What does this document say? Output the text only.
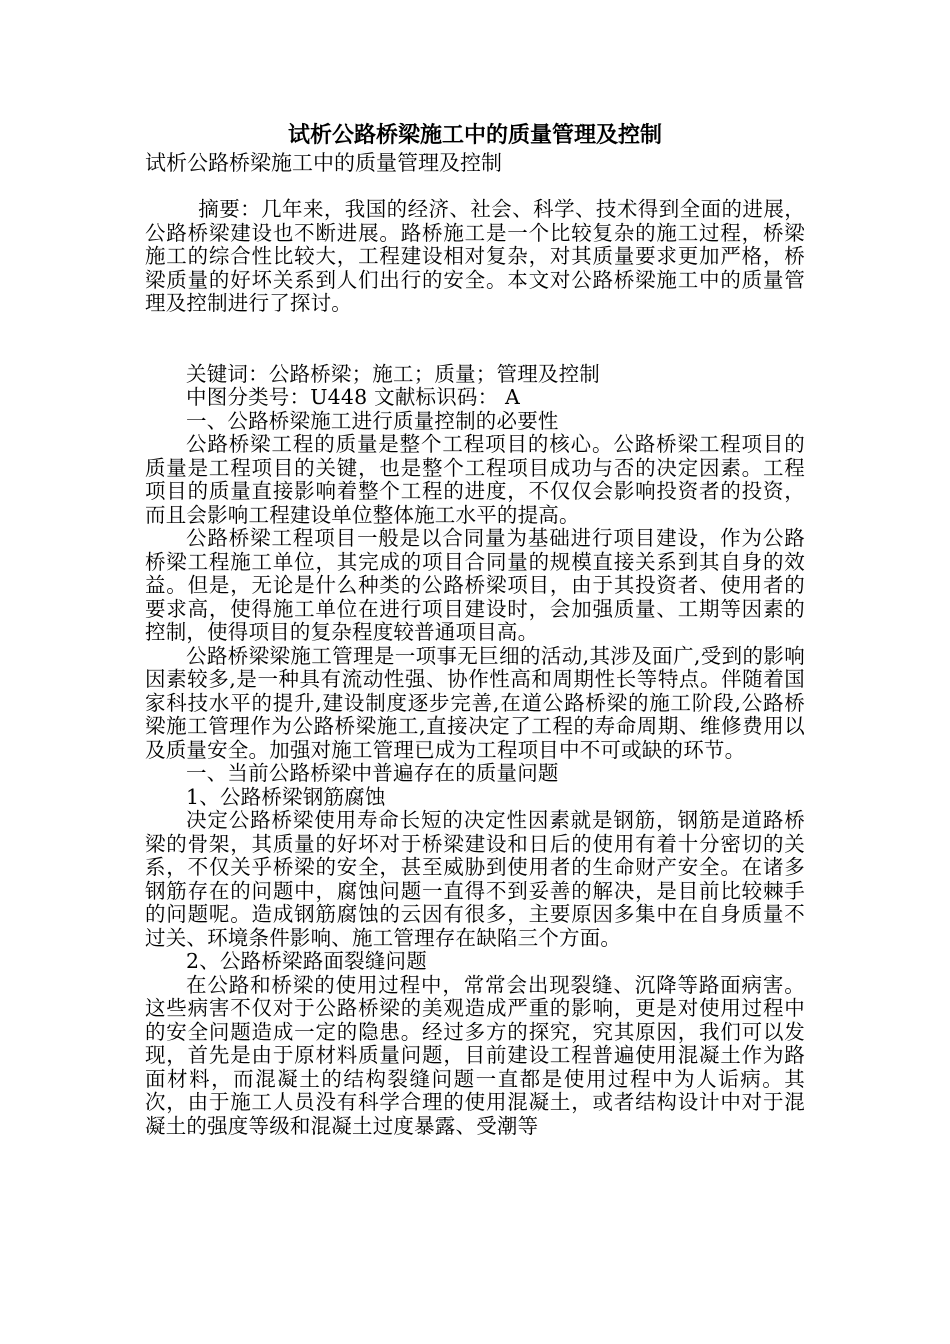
试析公路桥梁施工中的质量管理及控制
试析公路桥梁施工中的质量管理及控制

摘要：几年来，我国的经济、社会、科学、技术得到全面的进展，公路桥梁建设也不断进展。路桥施工是一个比较复杂的施工过程，桥梁施工的综合性比较大，工程建设相对复杂，对其质量要求更加严格，桥梁质量的好坏关系到人们出行的安全。本文对公路桥梁施工中的质量管理及控制进行了探讨。

关键词：公路桥梁；施工；质量；管理及控制

中图分类号：U448 文献标识码： A

一、公路桥梁施工进行质量控制的必要性

公路桥梁工程的质量是整个工程项目的核心。公路桥梁工程项目的质量是工程项目的关键，也是整个工程项目成功与否的决定因素。工程项目的质量直接影响着整个工程的进度，不仅仅会影响投资者的投资，而且会影响工程建设单位整体施工水平的提高。

公路桥梁工程项目一般是以合同量为基础进行项目建设，作为公路桥梁工程施工单位，其完成的项目合同量的规模直接关系到其自身的效益。但是，无论是什么种类的公路桥梁项目，由于其投资者、使用者的要求高，使得施工单位在进行项目建设时，会加强质量、工期等因素的控制，使得项目的复杂程度较普通项目高。

公路桥梁梁施工管理是一项事无巨细的活动,其涉及面广,受到的影响因素较多,是一种具有流动性强、协作性高和周期性长等特点。伴随着国家科技水平的提升,建设制度逐步完善,在道公路桥梁的施工阶段,公路桥梁施工管理作为公路桥梁施工,直接决定了工程的寿命周期、维修费用以及质量安全。加强对施工管理已成为工程项目中不可或缺的环节。

一、当前公路桥梁中普遍存在的质量问题

1、公路桥梁钢筋腐蚀

决定公路桥梁使用寿命长短的决定性因素就是钢筋，钢筋是道路桥梁的骨架，其质量的好坏对于桥梁建设和日后的使用有着十分密切的关系，不仅关乎桥梁的安全，甚至威胁到使用者的生命财产安全。在诸多钢筋存在的问题中，腐蚀问题一直得不到妥善的解决，是目前比较棘手的问题呢。造成钢筋腐蚀的云因有很多，主要原因多集中在自身质量不过关、环境条件影响、施工管理存在缺陷三个方面。

2、公路桥梁路面裂缝问题

在公路和桥梁的使用过程中，常常会出现裂缝、沉降等路面病害。这些病害不仅对于公路桥梁的美观造成严重的影响，更是对使用过程中的安全问题造成一定的隐患。经过多方的探究，究其原因，我们可以发现，首先是由于原材料质量问题，目前建设工程普遍使用混凝土作为路面材料，而混凝土的结构裂缝问题一直都是使用过程中为人诟病。其次，由于施工人员没有科学合理的使用混凝土，或者结构设计中对于混凝土的强度等级和混凝土过度暴露、受潮等
